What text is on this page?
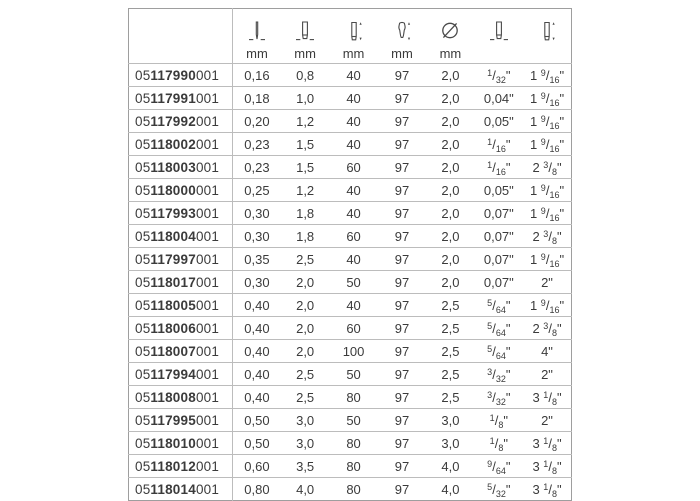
	mm	mm	mm	mm	mm

05117990001	0,16	0,8	40	97	2,0	$^1/_{32}$"	1 $^9/_{16}$"
05117991001	0,18	1,0	40	97	2,0	0,04"	1 $^9/_{16}$"
05117992001	0,20	1,2	40	97	2,0	0,05"	1 $^9/_{16}$"
05118002001	0,23	1,5	40	97	2,0	$^1/_{16}$"	1 $^9/_{16}$"
05118003001	0,23	1,5	60	97	2,0	$^1/_{16}$"	2 $^3/_8$"
05118000001	0,25	1,2	40	97	2,0	0,05"	1 $^9/_{16}$"
05117993001	0,30	1,8	40	97	2,0	0,07"	1 $^9/_{16}$"
05118004001	0,30	1,8	60	97	2,0	0,07"	2 $^3/_8$"
05117997001	0,35	2,5	40	97	2,0	0,07"	1 $^9/_{16}$"
05118017001	0,30	2,0	50	97	2,0	0,07"	2"
05118005001	0,40	2,0	40	97	2,5	$^5/_{64}$"	1 $^9/_{16}$"
05118006001	0,40	2,0	60	97	2,5	$^5/_{64}$"	2 $^3/_8$"
05118007001	0,40	2,0	100	97	2,5	$^5/_{64}$"	4"
05117994001	0,40	2,5	50	97	2,5	$^3/_{32}$"	2"
05118008001	0,40	2,5	80	97	2,5	$^3/_{32}$"	3 $^1/_8$"
05117995001	0,50	3,0	50	97	3,0	$^1/_8$"	2"
05118010001	0,50	3,0	80	97	3,0	$^1/_8$"	3 $^1/_8$"
05118012001	0,60	3,5	80	97	4,0	$^9/_{64}$"	3 $^1/_8$"
05118014001	0,80	4,0	80	97	4,0	$^5/_{32}$"	3 $^1/_8$"
